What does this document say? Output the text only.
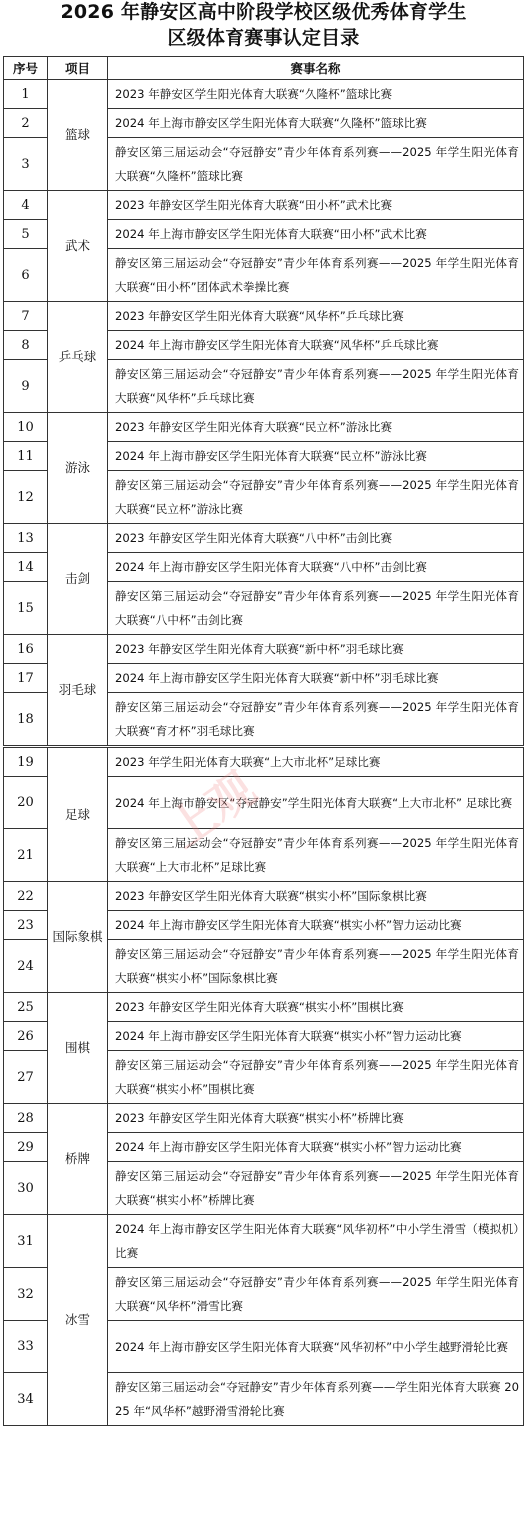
2026 年静安区高中阶段学校区级优秀体育学生
区级体育赛事认定目录
序号	项目	赛事名称
1	篮球	2023 年静安区学生阳光体育大联赛“久隆杯”篮球比赛
2		2024 年上海市静安区学生阳光体育大联赛“久隆杯”篮球比赛
3		静安区第三届运动会“夺冠静安”青少年体育系列赛——2025 年学生阳光体育大联赛“久隆杯”篮球比赛
4	武术	2023 年静安区学生阳光体育大联赛“田小杯”武术比赛
5		2024 年上海市静安区学生阳光体育大联赛“田小杯”武术比赛
6		静安区第三届运动会“夺冠静安”青少年体育系列赛——2025 年学生阳光体育大联赛“田小杯”团体武术拳操比赛
7	乒乓球	2023 年静安区学生阳光体育大联赛“风华杯”乒乓球比赛
8		2024 年上海市静安区学生阳光体育大联赛“风华杯”乒乓球比赛
9		静安区第三届运动会“夺冠静安”青少年体育系列赛——2025 年学生阳光体育大联赛“风华杯”乒乓球比赛
10	游泳	2023 年静安区学生阳光体育大联赛“民立杯”游泳比赛
11		2024 年上海市静安区学生阳光体育大联赛“民立杯”游泳比赛
12		静安区第三届运动会“夺冠静安”青少年体育系列赛——2025 年学生阳光体育大联赛“民立杯”游泳比赛
13	击剑	2023 年静安区学生阳光体育大联赛“八中杯”击剑比赛
14		2024 年上海市静安区学生阳光体育大联赛“八中杯”击剑比赛
15		静安区第三届运动会“夺冠静安”青少年体育系列赛——2025 年学生阳光体育大联赛“八中杯”击剑比赛
16	羽毛球	2023 年静安区学生阳光体育大联赛“新中杯”羽毛球比赛
17		2024 年上海市静安区学生阳光体育大联赛“新中杯”羽毛球比赛
18		静安区第三届运动会“夺冠静安”青少年体育系列赛——2025 年学生阳光体育大联赛“育才杯”羽毛球比赛
19	足球	2023 年学生阳光体育大联赛“上大市北杯”足球比赛
20		2024 年上海市静安区“夺冠静安”学生阳光体育大联赛“上大市北杯” 足球比赛
21		静安区第三届运动会“夺冠静安”青少年体育系列赛——2025 年学生阳光体育大联赛“上大市北杯”足球比赛
22	国际象棋	2023 年静安区学生阳光体育大联赛“棋实小杯”国际象棋比赛
23		2024 年上海市静安区学生阳光体育大联赛“棋实小杯”智力运动比赛
24		静安区第三届运动会“夺冠静安”青少年体育系列赛——2025 年学生阳光体育大联赛“棋实小杯”国际象棋比赛
25	围棋	2023 年静安区学生阳光体育大联赛“棋实小杯”围棋比赛
26		2024 年上海市静安区学生阳光体育大联赛“棋实小杯”智力运动比赛
27		静安区第三届运动会“夺冠静安”青少年体育系列赛——2025 年学生阳光体育大联赛“棋实小杯”围棋比赛
28	桥牌	2023 年静安区学生阳光体育大联赛“棋实小杯”桥牌比赛
29		2024 年上海市静安区学生阳光体育大联赛“棋实小杯”智力运动比赛
30		静安区第三届运动会“夺冠静安”青少年体育系列赛——2025 年学生阳光体育大联赛“棋实小杯”桥牌比赛
31	冰雪	2024 年上海市静安区学生阳光体育大联赛“风华初杯”中小学生滑雪（模拟机）比赛
32		静安区第三届运动会“夺冠静安”青少年体育系列赛——2025 年学生阳光体育大联赛“风华杯”滑雪比赛
33		2024 年上海市静安区学生阳光体育大联赛“风华初杯”中小学生越野滑轮比赛
34		静安区第三届运动会“夺冠静安”青少年体育系列赛——学生阳光体育大联赛 2025 年“风华杯”越野滑雪滑轮比赛
上观
